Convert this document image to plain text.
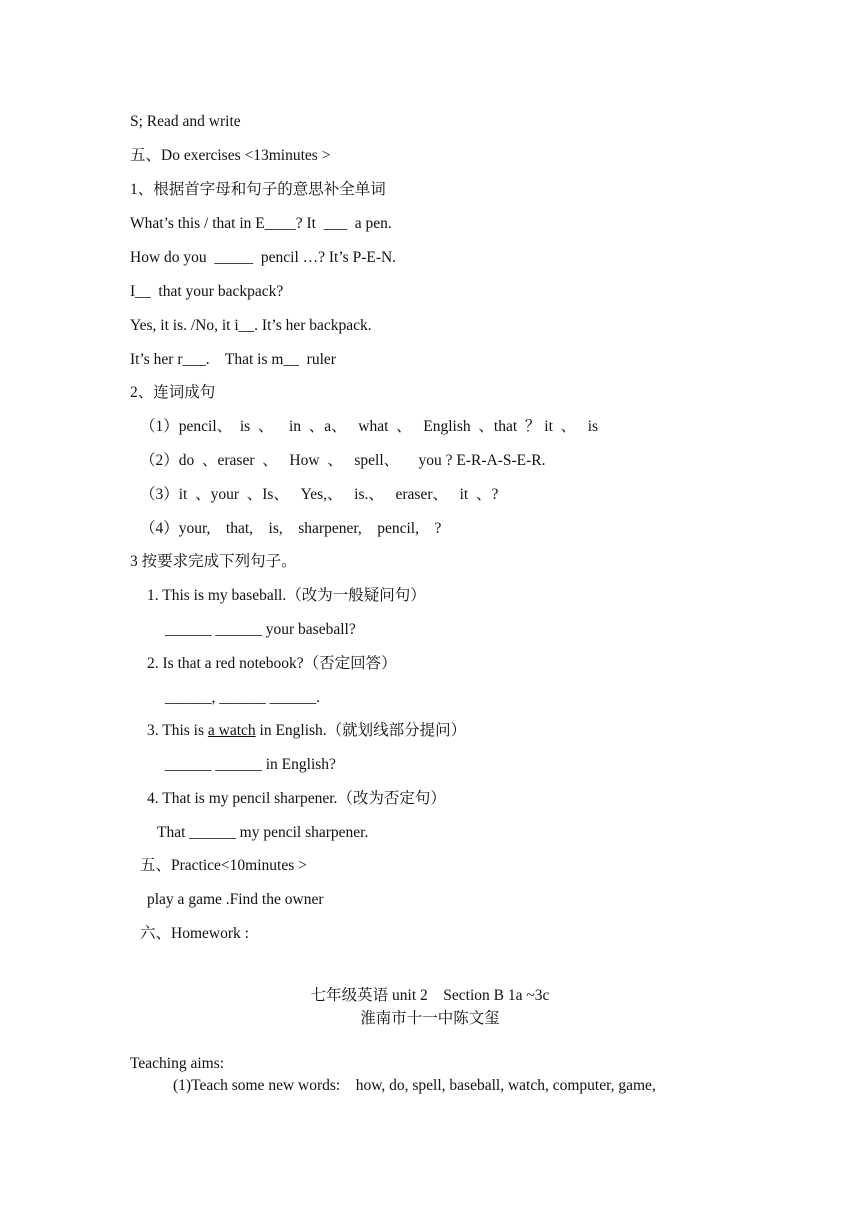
S; Read and write
五、Do exercises <13minutes >
1、根据首字母和句子的意思补全单词
What’s this / that in E____? It  ___  a pen.
How do you  _____  pencil …? It’s P-E-N.
I__  that your backpack?
Yes, it is. /No, it i__. It’s her backpack.
It’s her r___.    That is m__  ruler
2、连词成句
（1）pencil、  is  、    in  、a、   what  、   English  、that  ？ it  、   is
（2）do  、eraser  、   How  、   spell、     you ? E-R-A-S-E-R.
（3）it  、your  、Is、   Yes,、   is.、   eraser、   it  、?
（4）your,    that,    is,    sharpener,    pencil,    ?
3 按要求完成下列句子。
1. This is my baseball.（改为一般疑问句）
______ ______ your baseball?
2. Is that a red notebook?（否定回答）
______, ______ ______.
3. This is a watch in English.（就划线部分提问）
______ ______ in English?
4. That is my pencil sharpener.（改为否定句）
That ______ my pencil sharpener.
五、Practice<10minutes >
play a game .Find the owner
六、Homework :
七年级英语 unit 2    Section B 1a ~3c
淮南市十一中陈文玺
Teaching aims:
(1)Teach some new words:    how, do, spell, baseball, watch, computer, game,
